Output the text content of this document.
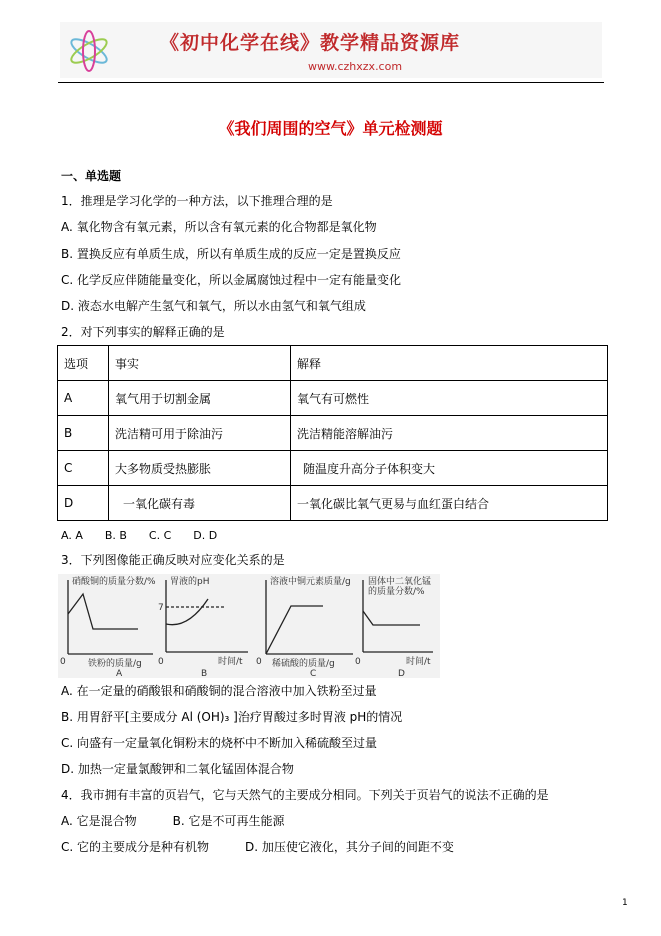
《初中化学在线》教学精品资源库
www.czhxzx.com
《我们周围的空气》单元检测题
一、单选题
1．推理是学习化学的一种方法，以下推理合理的是
A. 氧化物含有氧元素，所以含有氧元素的化合物都是氧化物
B. 置换反应有单质生成，所以有单质生成的反应一定是置换反应
C. 化学反应伴随能量变化，所以金属腐蚀过程中一定有能量变化
D. 液态水电解产生氢气和氧气，所以水由氢气和氧气组成
2．对下列事实的解释正确的是
选项	事实	解释
A	氧气用于切割金属	氧气有可燃性
B	洗洁精可用于除油污	洗洁精能溶解油污
C	大多物质受热膨胀	随温度升高分子体积变大
D	一氧化碳有毒	一氧化碳比氧气更易与血红蛋白结合
A. A　　B. B　　C. C　　D. D
3．下列图像能正确反映对应变化关系的是
硝酸铜的质量分数/%
0 铁粉的质量/g
A
胃液的pH
7
0	时间/t
B
溶液中铜元素质量/g
0 稀硫酸的质量/g
C
固体中二氧化锰
的质量分数/%
0	时间/t
D
A. 在一定量的硝酸银和硝酸铜的混合溶液中加入铁粉至过量
B. 用胃舒平[主要成分 Al (OH)₃ ]治疗胃酸过多时胃液 pH的情况
C. 向盛有一定量氧化铜粉末的烧杯中不断加入稀硫酸至过量
D. 加热一定量氯酸钾和二氧化锰固体混合物
4．我市拥有丰富的页岩气，它与天然气的主要成分相同。下列关于页岩气的说法不正确的是
A. 它是混合物　　　B. 它是不可再生能源
C. 它的主要成分是种有机物　　　D. 加压使它液化，其分子间的间距不变
1
